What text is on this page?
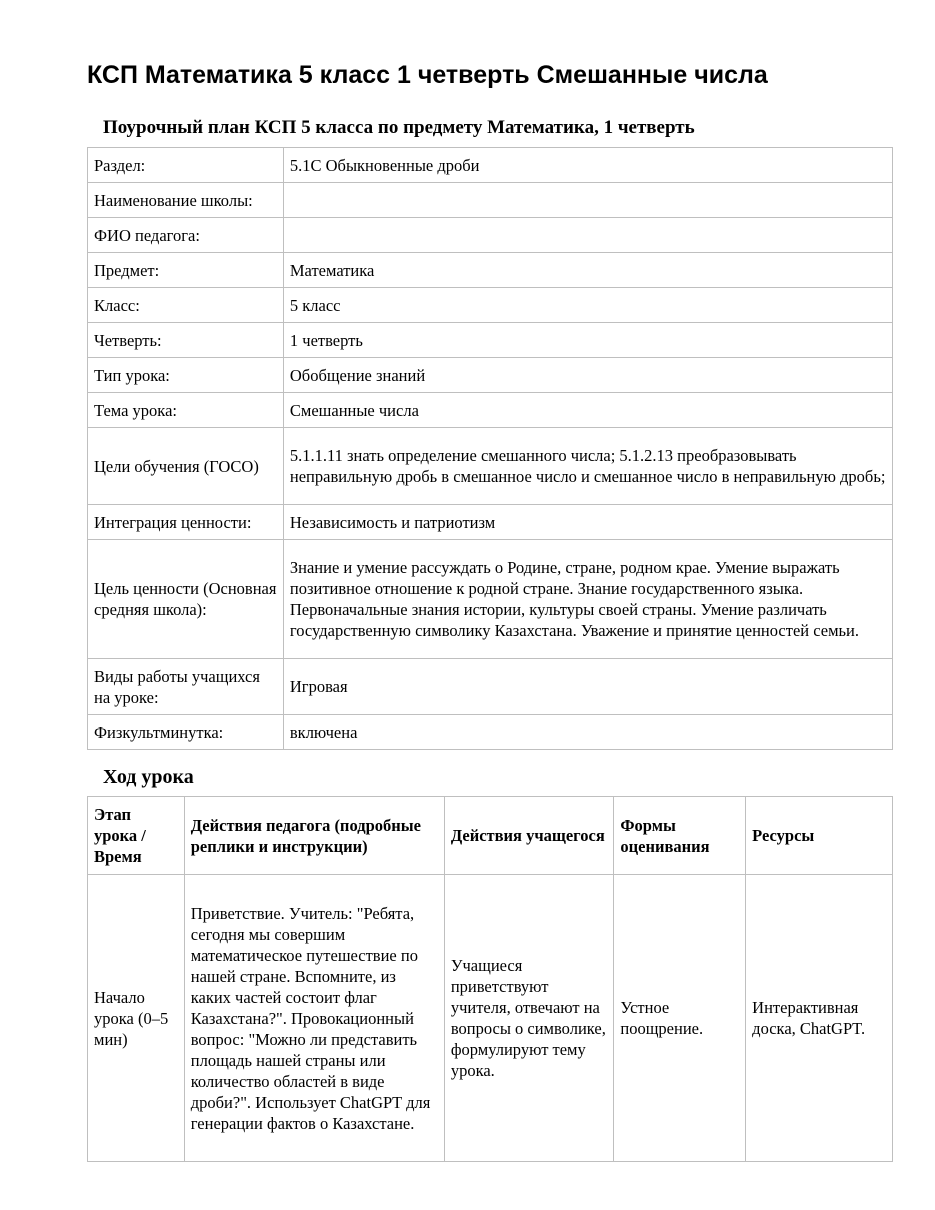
КСП Математика 5 класс 1 четверть Смешанные числа
Поурочный план КСП 5 класса по предмету Математика, 1 четверть
Раздел:	5.1С Обыкновенные дроби
Наименование школы:	
ФИО педагога:	
Предмет:	Математика
Класс:	5 класс
Четверть:	1 четверть
Тип урока:	Обобщение знаний
Тема урока:	Смешанные числа
Цели обучения (ГОСО)	5.1.1.11 знать определение смешанного числа; 5.1.2.13 преобразовывать неправильную дробь в смешанное число и смешанное число в неправильную дробь;
Интеграция ценности:	Независимость и патриотизм
Цель ценности (Основная средняя школа):	Знание и умение рассуждать о Родине, стране, родном крае. Умение выражать позитивное отношение к родной стране. Знание государственного языка. Первоначальные знания истории, культуры своей страны. Умение различать государственную символику Казахстана. Уважение и принятие ценностей семьи.
Виды работы учащихся на уроке:	Игровая
Физкультминутка:	включена
Ход урока
Этап урока / Время	Действия педагога (подробные реплики и инструкции)	Действия учащегося	Формы оценивания	Ресурсы
Начало урока (0–5 мин)	Приветствие. Учитель: "Ребята, сегодня мы совершим математическое путешествие по нашей стране. Вспомните, из каких частей состоит флаг Казахстана?". Провокационный вопрос: "Можно ли представить площадь нашей страны или количество областей в виде дроби?". Использует ChatGPT для генерации фактов о Казахстане.	Учащиеся приветствуют учителя, отвечают на вопросы о символике, формулируют тему урока.	Устное поощрение.	Интерактивная доска, ChatGPT.
